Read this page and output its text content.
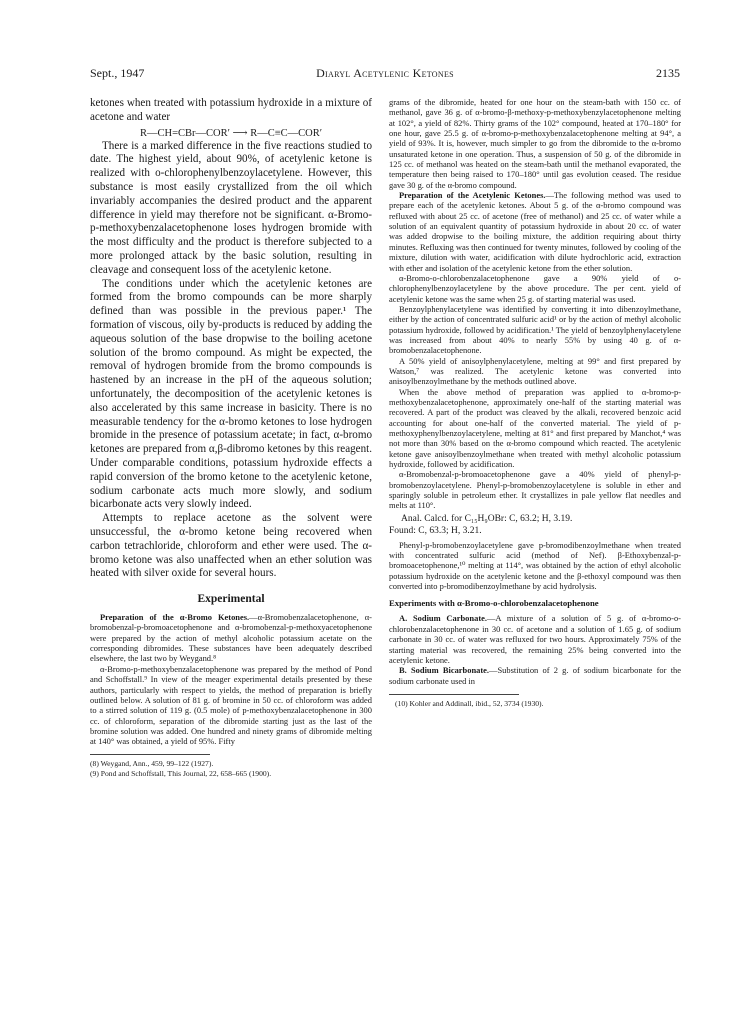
Sept., 1947	Diaryl Acetylenic Ketones	2135

ketones when treated with potassium hydroxide in a mixture of acetone and water

R—CH=CBr—COR′ ⟶ R—C≡C—COR′

There is a marked difference in the five reactions studied to date. The highest yield, about 90%, of acetylenic ketone is realized with o-chlorophenylbenzoylacetylene. However, this substance is most easily crystallized from the oil which invariably accompanies the desired product and the apparent difference in yield may therefore not be significant. α-Bromo-p-methoxybenzalacetophenone loses hydrogen bromide with the most difficulty and the product is therefore subjected to a more prolonged attack by the basic solution, resulting in cleavage and consequent loss of the acetylenic ketone.

The conditions under which the acetylenic ketones are formed from the bromo compounds can be more sharply defined than was possible in the previous paper.¹ The formation of viscous, oily by-products is reduced by adding the aqueous solution of the base dropwise to the boiling acetone solution of the bromo compound. As might be expected, the removal of hydrogen bromide from the bromo compounds is hastened by an increase in the pH of the aqueous solution; unfortunately, the decomposition of the acetylenic ketones is also accelerated by this same increase in basicity. There is no measurable tendency for the α-bromo ketones to lose hydrogen bromide in the presence of potassium acetate; in fact, α-bromo ketones are prepared from α,β-dibromo ketones by this reagent. Under comparable conditions, potassium hydroxide effects a rapid conversion of the bromo ketone to the acetylenic ketone, sodium carbonate acts much more slowly, and sodium bicarbonate acts very slowly indeed.

Attempts to replace acetone as the solvent were unsuccessful, the α-bromo ketone being recovered when carbon tetrachloride, chloroform and ether were used. The α-bromo ketone was also unaffected when an ether solution was heated with silver oxide for several hours.

Experimental

Preparation of the α-Bromo Ketones.—α-Bromobenzalacetophenone, α-bromobenzal-p-bromoacetophenone and α-bromobenzal-p-methoxyacetophenone were prepared by the action of methyl alcoholic potassium acetate on the corresponding dibromides. These substances have been adequately described elsewhere, the last two by Weygand.⁸

α-Bromo-p-methoxybenzalacetophenone was prepared by the method of Pond and Schoffstall.⁹ In view of the meager experimental details presented by these authors, particularly with respect to yields, the method of preparation is briefly outlined below. A solution of 81 g. of bromine in 50 cc. of chloroform was added to a stirred solution of 119 g. (0.5 mole) of p-methoxybenzalacetophenone in 300 cc. of chloroform, separation of the dibromide starting just as the last of the bromine solution was added. One hundred and ninety grams of dibromide melting at 140° was obtained, a yield of 95%. Fifty

(8) Weygand, Ann., 459, 99–122 (1927).
(9) Pond and Schoffstall, This Journal, 22, 658–665 (1900).

grams of the dibromide, heated for one hour on the steam-bath with 150 cc. of methanol, gave 36 g. of α-bromo-β-methoxy-p-methoxybenzylacetophenone melting at 102°, a yield of 82%. Thirty grams of the 102° compound, heated at 170–180° for one hour, gave 25.5 g. of α-bromo-p-methoxybenzalacetophenone melting at 94°, a yield of 93%. It is, however, much simpler to go from the dibromide to the α-bromo unsaturated ketone in one operation. Thus, a suspension of 50 g. of the dibromide in 125 cc. of methanol was heated on the steam-bath until the methanol evaporated, the temperature then being raised to 170–180° until gas evolution ceased. The residue gave 30 g. of the α-bromo compound.

Preparation of the Acetylenic Ketones.—The following method was used to prepare each of the acetylenic ketones. About 5 g. of the α-bromo compound was refluxed with about 25 cc. of acetone (free of methanol) and 25 cc. of water while a solution of an equivalent quantity of potassium hydroxide in about 20 cc. of water was added dropwise to the boiling mixture, the addition requiring about thirty minutes. Refluxing was then continued for twenty minutes, followed by cooling of the mixture, dilution with water, acidification with dilute hydrochloric acid, extraction with ether and isolation of the acetylenic ketone from the ether solution.

α-Bromo-o-chlorobenzalacetophenone gave a 90% yield of o-chlorophenylbenzoylacetylene by the above procedure. The per cent. yield of acetylenic ketone was the same when 25 g. of starting material was used.

Benzoylphenylacetylene was identified by converting it into dibenzoylmethane, either by the action of concentrated sulfuric acid¹ or by the action of methyl alcoholic potassium hydroxide, followed by acidification.¹ The yield of benzoylphenylacetylene was increased from about 40% to nearly 55% by using 40 g. of α-bromobenzalacetophenone.

A 50% yield of anisoylphenylacetylene, melting at 99° and first prepared by Watson,⁷ was realized. The acetylenic ketone was converted into anisoylbenzoylmethane by the methods outlined above.

When the above method of preparation was applied to α-bromo-p-methoxybenzalacetophenone, approximately one-half of the starting material was recovered. A part of the product was cleaved by the alkali, recovered benzoic acid accounting for about one-half of the converted material. The yield of p-methoxyphenylbenzoylacetylene, melting at 81° and first prepared by Manchot,⁴ was not more than 30% based on the α-bromo compound which reacted. The acetylenic ketone gave anisoylbenzoylmethane when treated with methyl alcoholic potassium hydroxide, followed by acidification.

α-Bromobenzal-p-bromoacetophenone gave a 40% yield of phenyl-p-bromobenzoylacetylene. Phenyl-p-bromobenzoylacetylene is soluble in ether and sparingly soluble in petroleum ether. It crystallizes in pale yellow flat needles and melts at 110°.

Anal. Calcd. for C₁₅H₉OBr: C, 63.2; H, 3.19.
Found: C, 63.3; H, 3.21.

Phenyl-p-bromobenzoylacetylene gave p-bromodibenzoylmethane when treated with concentrated sulfuric acid (method of Nef). β-Ethoxybenzal-p-bromoacetophenone,¹⁰ melting at 114°, was obtained by the action of ethyl alcoholic potassium hydroxide on the acetylenic ketone and the β-ethoxyl compound was then converted into p-bromodibenzoylmethane by acid hydrolysis.

Experiments with α-Bromo-o-chlorobenzalacetophenone

A. Sodium Carbonate.—A mixture of a solution of 5 g. of α-bromo-o-chlorobenzalacetophenone in 30 cc. of acetone and a solution of 1.65 g. of sodium carbonate in 30 cc. of water was refluxed for two hours. Approximately 75% of the starting material was recovered, the remaining 25% being converted into the acetylenic ketone.

B. Sodium Bicarbonate.—Substitution of 2 g. of sodium bicarbonate for the sodium carbonate used in

(10) Kohler and Addinall, ibid., 52, 3734 (1930).
